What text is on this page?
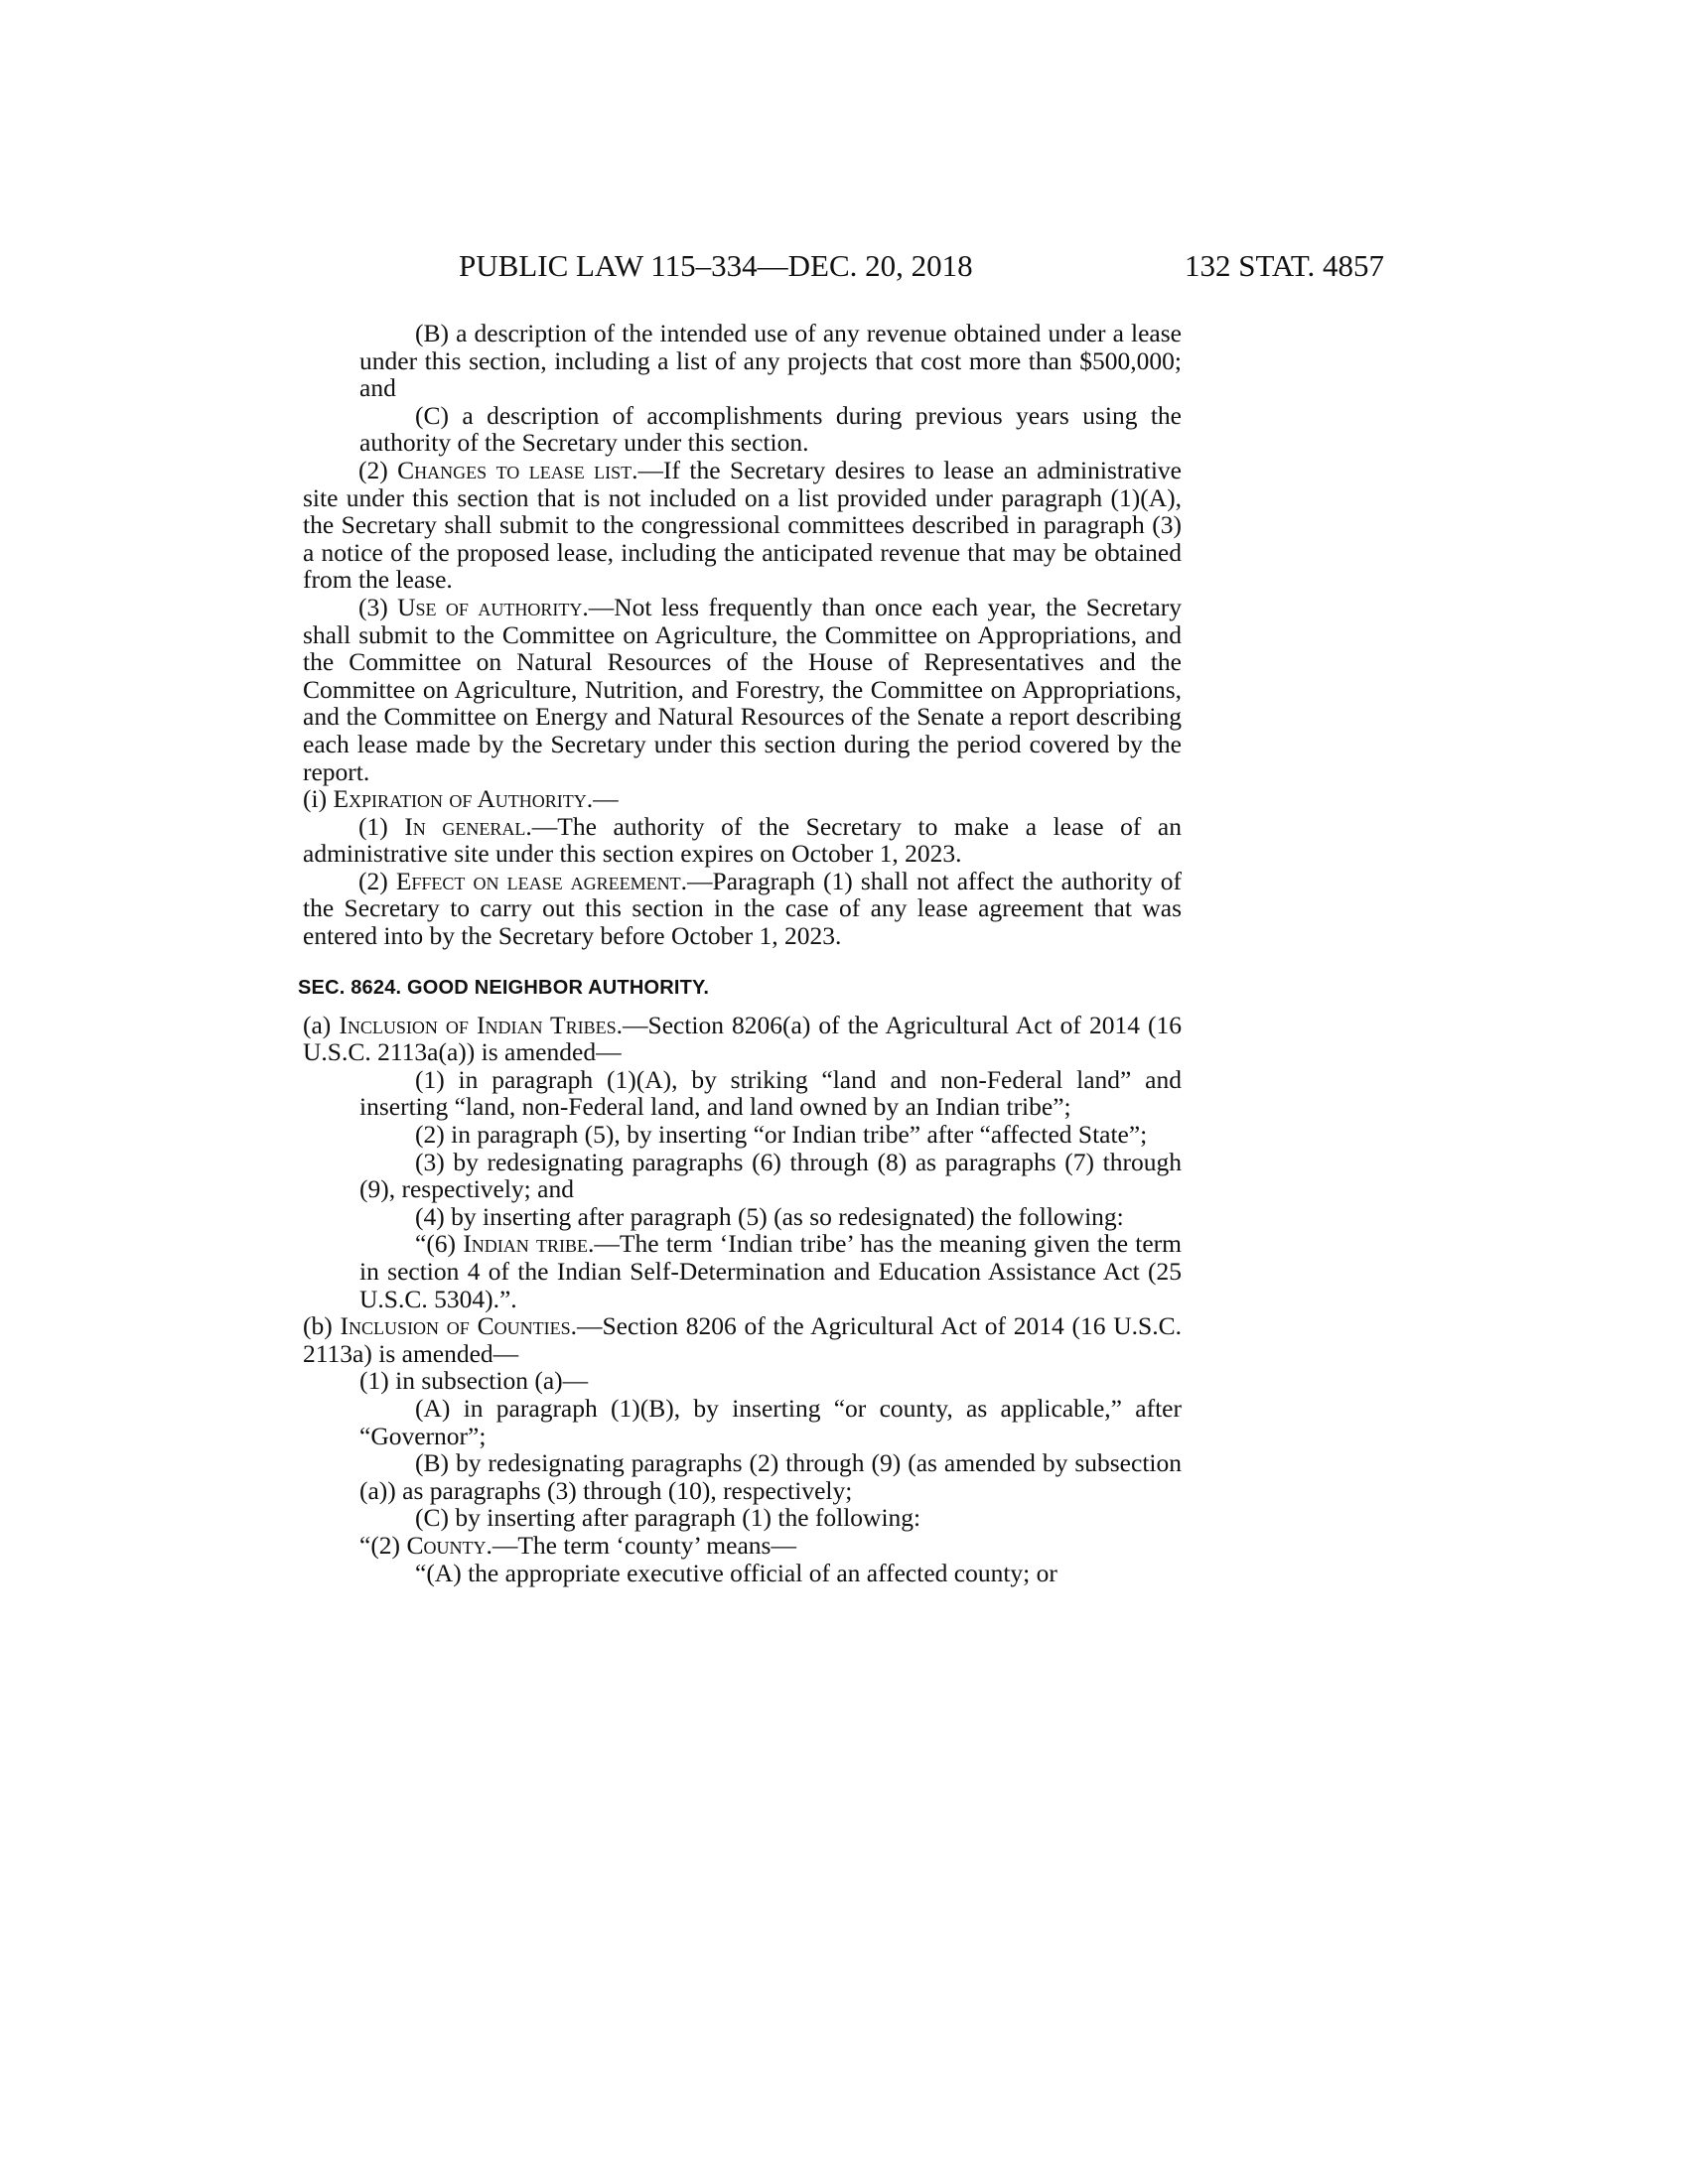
PUBLIC LAW 115–334—DEC. 20, 2018	132 STAT. 4857

(B) a description of the intended use of any revenue obtained under a lease under this section, including a list of any projects that cost more than $500,000; and

(C) a description of accomplishments during previous years using the authority of the Secretary under this section.

(2) Changes to lease list.—If the Secretary desires to lease an administrative site under this section that is not included on a list provided under paragraph (1)(A), the Secretary shall submit to the congressional committees described in paragraph (3) a notice of the proposed lease, including the anticipated revenue that may be obtained from the lease.

(3) Use of authority.—Not less frequently than once each year, the Secretary shall submit to the Committee on Agriculture, the Committee on Appropriations, and the Committee on Natural Resources of the House of Representatives and the Committee on Agriculture, Nutrition, and Forestry, the Committee on Appropriations, and the Committee on Energy and Natural Resources of the Senate a report describing each lease made by the Secretary under this section during the period covered by the report.

(i) Expiration of Authority.—

(1) In general.—The authority of the Secretary to make a lease of an administrative site under this section expires on October 1, 2023.

(2) Effect on lease agreement.—Paragraph (1) shall not affect the authority of the Secretary to carry out this section in the case of any lease agreement that was entered into by the Secretary before October 1, 2023.

SEC. 8624. GOOD NEIGHBOR AUTHORITY.

(a) Inclusion of Indian Tribes.—Section 8206(a) of the Agricultural Act of 2014 (16 U.S.C. 2113a(a)) is amended—

(1) in paragraph (1)(A), by striking “land and non-Federal land” and inserting “land, non-Federal land, and land owned by an Indian tribe”;

(2) in paragraph (5), by inserting “or Indian tribe” after “affected State”;

(3) by redesignating paragraphs (6) through (8) as paragraphs (7) through (9), respectively; and

(4) by inserting after paragraph (5) (as so redesignated) the following:

“(6) Indian tribe.—The term ‘Indian tribe’ has the meaning given the term in section 4 of the Indian Self-Determination and Education Assistance Act (25 U.S.C. 5304).”.

(b) Inclusion of Counties.—Section 8206 of the Agricultural Act of 2014 (16 U.S.C. 2113a) is amended—

(1) in subsection (a)—

(A) in paragraph (1)(B), by inserting “or county, as applicable,” after “Governor”;

(B) by redesignating paragraphs (2) through (9) (as amended by subsection (a)) as paragraphs (3) through (10), respectively;

(C) by inserting after paragraph (1) the following:

“(2) County.—The term ‘county’ means—

“(A) the appropriate executive official of an affected county; or
